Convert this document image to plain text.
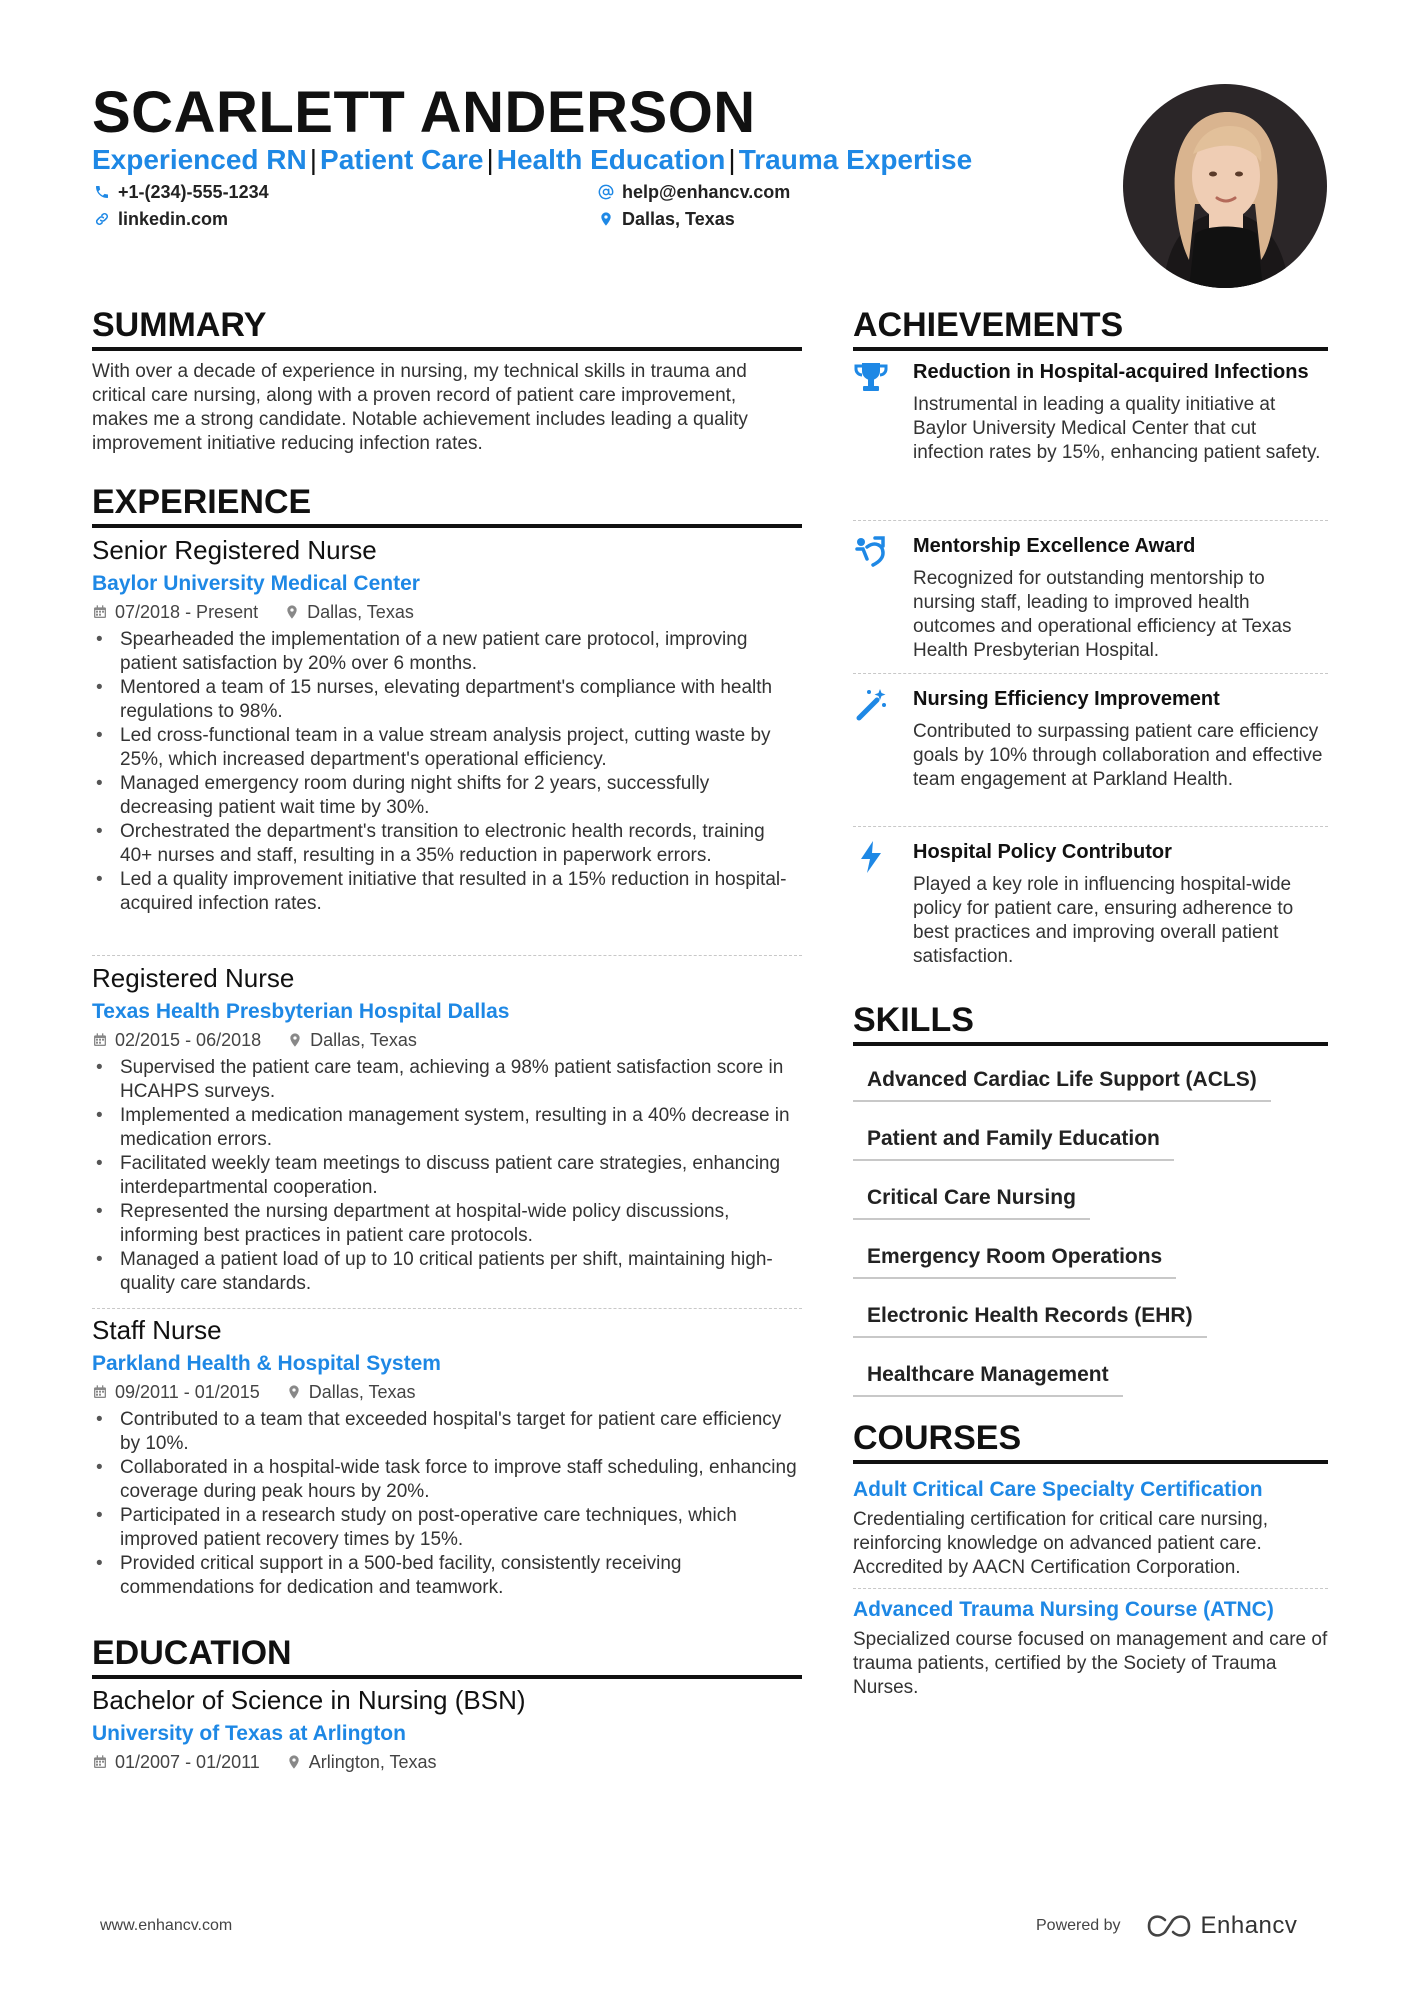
SCARLETT ANDERSON
Experienced RN | Patient Care | Health Education | Trauma Expertise
+1-(234)-555-1234	help@enhancv.com
linkedin.com	Dallas, Texas
SUMMARY
With over a decade of experience in nursing, my technical skills in trauma and critical care nursing, along with a proven record of patient care improvement, makes me a strong candidate. Notable achievement includes leading a quality improvement initiative reducing infection rates.
EXPERIENCE
Senior Registered Nurse
Baylor University Medical Center
07/2018 - Present	Dallas, Texas
• Spearheaded the implementation of a new patient care protocol, improving patient satisfaction by 20% over 6 months.
• Mentored a team of 15 nurses, elevating department's compliance with health regulations to 98%.
• Led cross-functional team in a value stream analysis project, cutting waste by 25%, which increased department's operational efficiency.
• Managed emergency room during night shifts for 2 years, successfully decreasing patient wait time by 30%.
• Orchestrated the department's transition to electronic health records, training 40+ nurses and staff, resulting in a 35% reduction in paperwork errors.
• Led a quality improvement initiative that resulted in a 15% reduction in hospital-acquired infection rates.
Registered Nurse
Texas Health Presbyterian Hospital Dallas
02/2015 - 06/2018	Dallas, Texas
• Supervised the patient care team, achieving a 98% patient satisfaction score in HCAHPS surveys.
• Implemented a medication management system, resulting in a 40% decrease in medication errors.
• Facilitated weekly team meetings to discuss patient care strategies, enhancing interdepartmental cooperation.
• Represented the nursing department at hospital-wide policy discussions, informing best practices in patient care protocols.
• Managed a patient load of up to 10 critical patients per shift, maintaining high-quality care standards.
Staff Nurse
Parkland Health & Hospital System
09/2011 - 01/2015	Dallas, Texas
• Contributed to a team that exceeded hospital's target for patient care efficiency by 10%.
• Collaborated in a hospital-wide task force to improve staff scheduling, enhancing coverage during peak hours by 20%.
• Participated in a research study on post-operative care techniques, which improved patient recovery times by 15%.
• Provided critical support in a 500-bed facility, consistently receiving commendations for dedication and teamwork.
EDUCATION
Bachelor of Science in Nursing (BSN)
University of Texas at Arlington
01/2007 - 01/2011	Arlington, Texas
ACHIEVEMENTS
Reduction in Hospital-acquired Infections
Instrumental in leading a quality initiative at Baylor University Medical Center that cut infection rates by 15%, enhancing patient safety.
Mentorship Excellence Award
Recognized for outstanding mentorship to nursing staff, leading to improved health outcomes and operational efficiency at Texas Health Presbyterian Hospital.
Nursing Efficiency Improvement
Contributed to surpassing patient care efficiency goals by 10% through collaboration and effective team engagement at Parkland Health.
Hospital Policy Contributor
Played a key role in influencing hospital-wide policy for patient care, ensuring adherence to best practices and improving overall patient satisfaction.
SKILLS
Advanced Cardiac Life Support (ACLS)
Patient and Family Education
Critical Care Nursing
Emergency Room Operations
Electronic Health Records (EHR)
Healthcare Management
COURSES
Adult Critical Care Specialty Certification
Credentialing certification for critical care nursing, reinforcing knowledge on advanced patient care. Accredited by AACN Certification Corporation.
Advanced Trauma Nursing Course (ATNC)
Specialized course focused on management and care of trauma patients, certified by the Society of Trauma Nurses.
www.enhancv.com	Powered by	Enhancv
